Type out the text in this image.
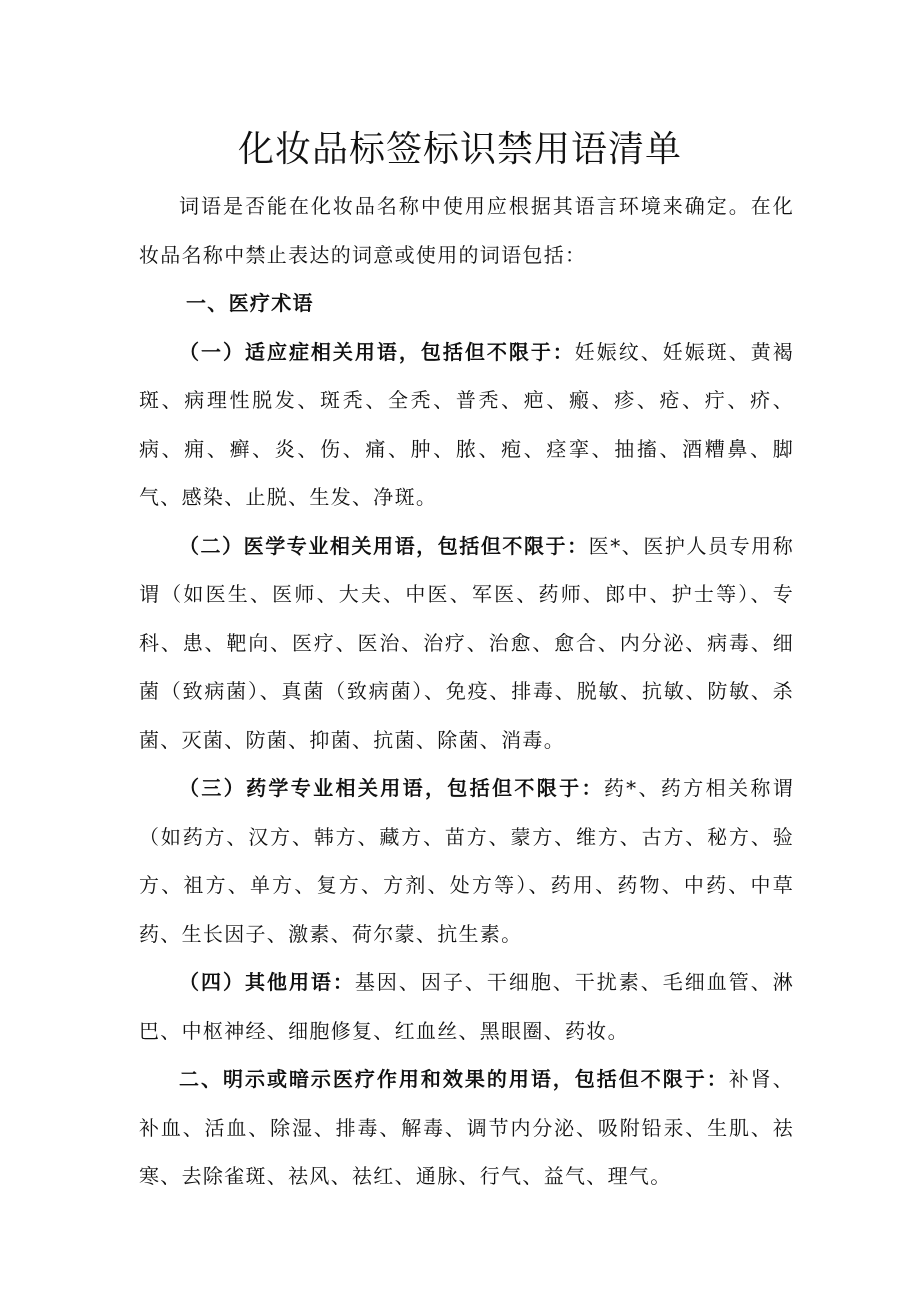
化妆品标签标识禁用语清单

词语是否能在化妆品名称中使用应根据其语言环境来确定。在化妆品名称中禁止表达的词意或使用的词语包括：

一、医疗术语

（一）适应症相关用语，包括但不限于：妊娠纹、妊娠斑、黄褐斑、病理性脱发、斑秃、全秃、普秃、疤、瘢、疹、疮、疔、疥、病、痈、癣、炎、伤、痛、肿、脓、疱、痉挛、抽搐、酒糟鼻、脚气、感染、止脱、生发、净斑。

（二）医学专业相关用语，包括但不限于：医*、医护人员专用称谓（如医生、医师、大夫、中医、军医、药师、郎中、护士等）、专科、患、靶向、医疗、医治、治疗、治愈、愈合、内分泌、病毒、细菌（致病菌）、真菌（致病菌）、免疫、排毒、脱敏、抗敏、防敏、杀菌、灭菌、防菌、抑菌、抗菌、除菌、消毒。

（三）药学专业相关用语，包括但不限于：药*、药方相关称谓（如药方、汉方、韩方、藏方、苗方、蒙方、维方、古方、秘方、验方、祖方、单方、复方、方剂、处方等）、药用、药物、中药、中草药、生长因子、激素、荷尔蒙、抗生素。

（四）其他用语：基因、因子、干细胞、干扰素、毛细血管、淋巴、中枢神经、细胞修复、红血丝、黑眼圈、药妆。

二、明示或暗示医疗作用和效果的用语，包括但不限于：补肾、补血、活血、除湿、排毒、解毒、调节内分泌、吸附铅汞、生肌、祛寒、去除雀斑、祛风、祛红、通脉、行气、益气、理气。
